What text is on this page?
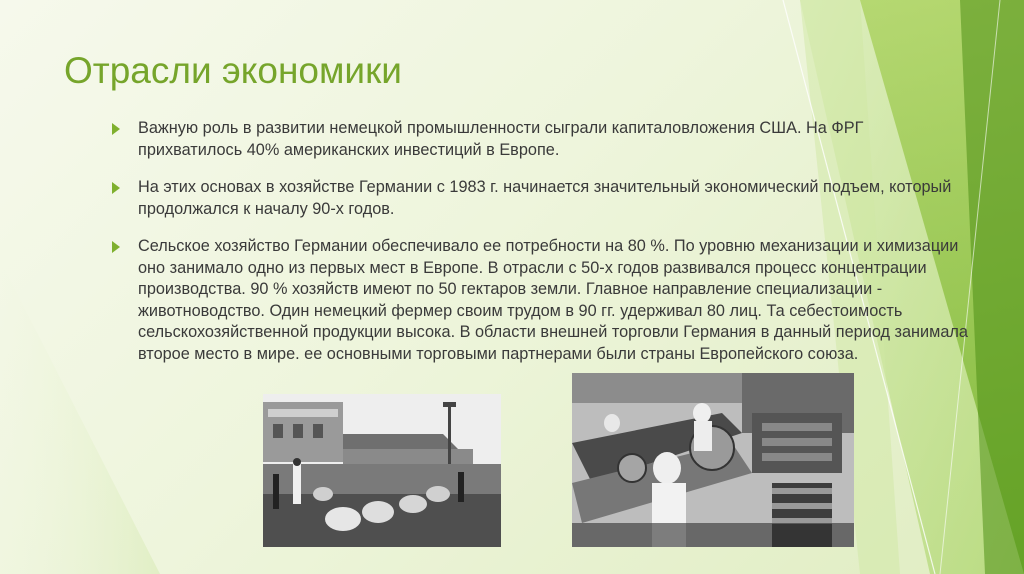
Отрасли экономики
Важную роль в развитии немецкой промышленности сыграли капиталовложения США. На ФРГ прихватилось 40% американских инвестиций в Европе.
На этих основах в хозяйстве Германии с 1983 г. начинается значительный экономический подъем, который продолжался к началу 90-х годов.
Сельское хозяйство Германии обеспечивало ее потребности на 80 %. По уровню механизации и химизации оно занимало одно из первых мест в Европе. В отрасли с 50-х годов развивался процесс концентрации производства. 90 % хозяйств имеют по 50 гектаров земли. Главное направление специализации - животноводство. Один немецкий фермер своим трудом в 90 гг. удерживал 80 лиц. Та себестоимость сельскохозяйственной продукции высока. В области внешней торговли Германия в данный период занимала второе место в мире. ее основными торговыми партнерами были страны Европейского союза.
